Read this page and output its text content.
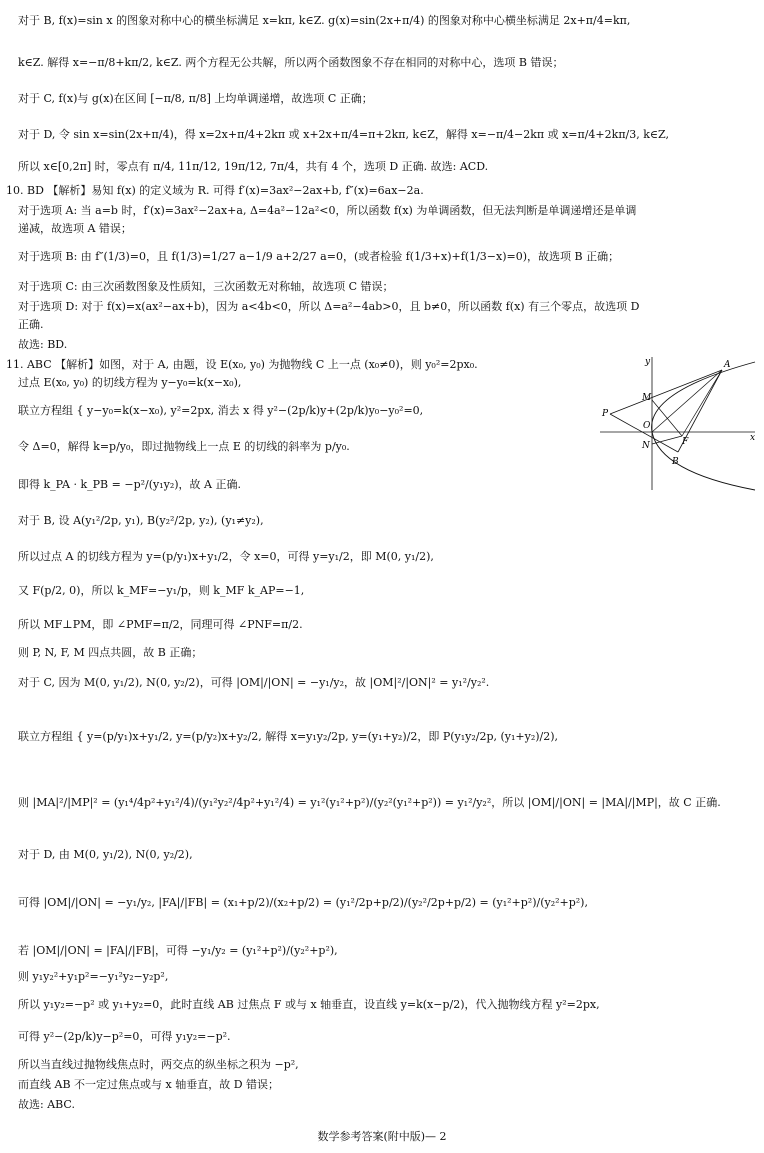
对于 B, f(x)=sin x 的图象对称中心的横坐标满足 x=kπ, k∈Z. g(x)=sin(2x+π/4) 的图象对称中心横坐标满足 2x+π/4=kπ,
k∈Z. 解得 x=−π/8+kπ/2, k∈Z. 两个方程无公共解，所以两个函数图象不存在相同的对称中心，选项 B 错误；
对于 C, f(x)与 g(x)在区间 [−π/8, π/8] 上均单调递增，故选项 C 正确；
对于 D, 令 sin x=sin(2x+π/4)，得 x=2x+π/4+2kπ 或 x+2x+π/4=π+2kπ, k∈Z，解得 x=−π/4−2kπ 或 x=π/4+2kπ/3, k∈Z,
所以 x∈[0,2π] 时，零点有 π/4, 11π/12, 19π/12, 7π/4，共有 4 个，选项 D 正确. 故选: ACD.
10. BD 【解析】易知 f(x) 的定义域为 R. 可得 f′(x)=3ax²−2ax+b, f″(x)=6ax−2a.
对于选项 A: 当 a=b 时，f′(x)=3ax²−2ax+a, Δ=4a²−12a²<0，所以函数 f(x) 为单调函数，但无法判断是单调递增还是单调
递减，故选项 A 错误；
对于选项 B: 由 f″(1/3)=0，且 f(1/3)=1/27 a−1/9 a+2/27 a=0，(或者检验 f(1/3+x)+f(1/3−x)=0)，故选项 B 正确；
对于选项 C: 由三次函数图象及性质知，三次函数无对称轴，故选项 C 错误；
对于选项 D: 对于 f(x)=x(ax²−ax+b)，因为 a<4b<0，所以 Δ=a²−4ab>0，且 b≠0，所以函数 f(x) 有三个零点，故选项 D
正确.
故选: BD.
11. ABC 【解析】如图，对于 A, 由题，设 E(x₀, y₀) 为抛物线 C 上一点 (x₀≠0)，则 y₀²=2px₀.
过点 E(x₀, y₀) 的切线方程为 y−y₀=k(x−x₀),
联立方程组 { y−y₀=k(x−x₀), y²=2px, 消去 x 得 y²−(2p/k)y+(2p/k)y₀−y₀²=0,
令 Δ=0，解得 k=p/y₀，即过抛物线上一点 E 的切线的斜率为 p/y₀.
即得 k_PA · k_PB = −p²/(y₁y₂)，故 A 正确.
对于 B, 设 A(y₁²/2p, y₁), B(y₂²/2p, y₂), (y₁≠y₂),
所以过点 A 的切线方程为 y=(p/y₁)x+y₁/2，令 x=0，可得 y=y₁/2，即 M(0, y₁/2),
又 F(p/2, 0)，所以 k_MF=−y₁/p，则 k_MF k_AP=−1,
所以 MF⊥PM，即 ∠PMF=π/2，同理可得 ∠PNF=π/2.
则 P, N, F, M 四点共圆，故 B 正确；
对于 C, 因为 M(0, y₁/2), N(0, y₂/2)，可得 |OM|/|ON| = −y₁/y₂，故 |OM|²/|ON|² = y₁²/y₂².
联立方程组 { y=(p/y₁)x+y₁/2, y=(p/y₂)x+y₂/2, 解得 x=y₁y₂/2p, y=(y₁+y₂)/2，即 P(y₁y₂/2p, (y₁+y₂)/2),
则 |MA|²/|MP|² = (y₁⁴/4p²+y₁²/4)/(y₁²y₂²/4p²+y₁²/4) = y₁²(y₁²+p²)/(y₂²(y₁²+p²)) = y₁²/y₂²，所以 |OM|/|ON| = |MA|/|MP|，故 C 正确.
对于 D, 由 M(0, y₁/2), N(0, y₂/2),
可得 |OM|/|ON| = −y₁/y₂, |FA|/|FB| = (x₁+p/2)/(x₂+p/2) = (y₁²/2p+p/2)/(y₂²/2p+p/2) = (y₁²+p²)/(y₂²+p²),
若 |OM|/|ON| = |FA|/|FB|，可得 −y₁/y₂ = (y₁²+p²)/(y₂²+p²),
则 y₁y₂²+y₁p²=−y₁²y₂−y₂p²,
所以 y₁y₂=−p² 或 y₁+y₂=0，此时直线 AB 过焦点 F 或与 x 轴垂直，设直线 y=k(x−p/2)，代入抛物线方程 y²=2px,
可得 y²−(2p/k)y−p²=0，可得 y₁y₂=−p².
所以当直线过抛物线焦点时，两交点的纵坐标之积为 −p²,
而直线 AB 不一定过焦点或与 x 轴垂直，故 D 错误；
故选: ABC.
y	A
M
P
O
F	x
N
B
数学参考答案(附中版)— 2
